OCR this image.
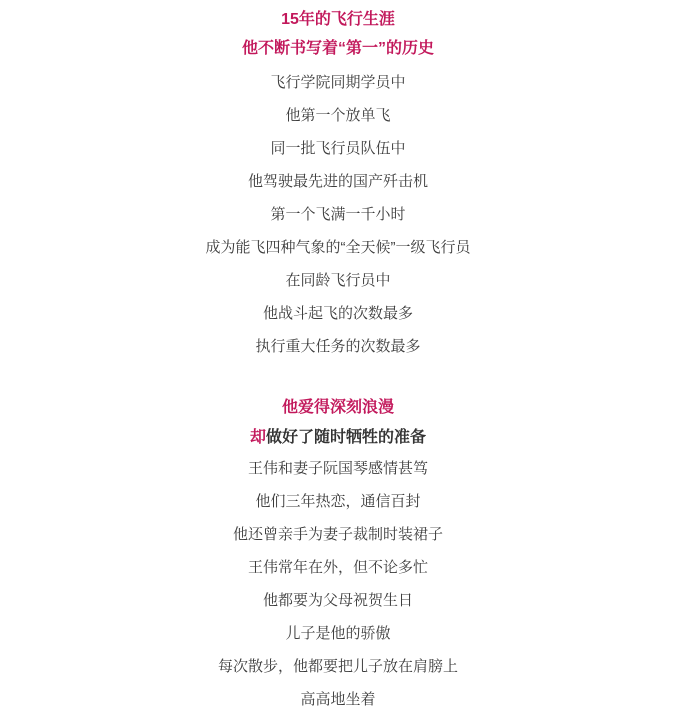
15年的飞行生涯

他不断书写着“第一”的历史

飞行学院同期学员中

他第一个放单飞

同一批飞行员队伍中

他驾驶最先进的国产歼击机

第一个飞满一千小时

成为能飞四种气象的“全天候”一级飞行员

在同龄飞行员中

他战斗起飞的次数最多

执行重大任务的次数最多

他爱得深刻浪漫

却做好了随时牺牲的准备

王伟和妻子阮国琴感情甚笃

他们三年热恋，通信百封

他还曾亲手为妻子裁制时装裙子

王伟常年在外，但不论多忙

他都要为父母祝贺生日

儿子是他的骄傲

每次散步，他都要把儿子放在肩膀上

高高地坐着
